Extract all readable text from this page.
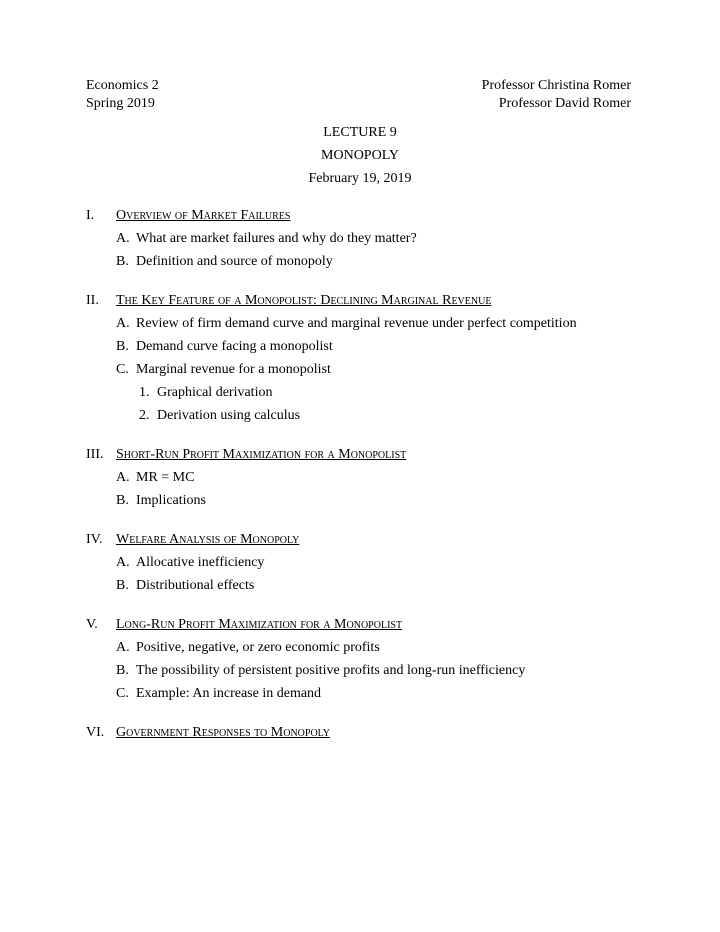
Economics 2
Spring 2019
Professor Christina Romer
Professor David Romer
LECTURE 9
MONOPOLY
February 19, 2019
I. Overview of Market Failures
A. What are market failures and why do they matter?
B. Definition and source of monopoly
II. The Key Feature of a Monopolist: Declining Marginal Revenue
A. Review of firm demand curve and marginal revenue under perfect competition
B. Demand curve facing a monopolist
C. Marginal revenue for a monopolist
1. Graphical derivation
2. Derivation using calculus
III. Short-Run Profit Maximization for a Monopolist
A. MR = MC
B. Implications
IV. Welfare Analysis of Monopoly
A. Allocative inefficiency
B. Distributional effects
V. Long-Run Profit Maximization for a Monopolist
A. Positive, negative, or zero economic profits
B. The possibility of persistent positive profits and long-run inefficiency
C. Example: An increase in demand
VI. Government Responses to Monopoly
